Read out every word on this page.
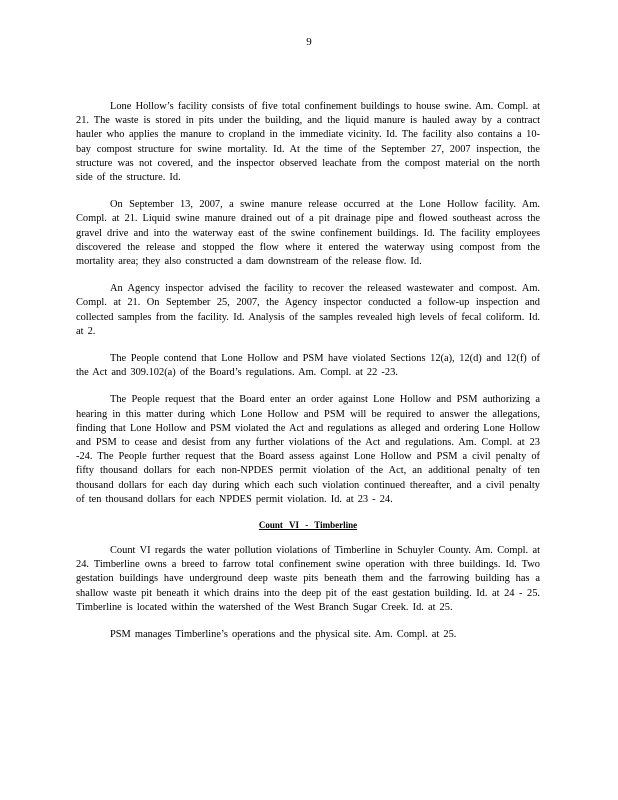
9

Lone Hollow’s facility consists of five total confinement buildings to house swine. Am. Compl. at 21. The waste is stored in pits under the building, and the liquid manure is hauled away by a contract hauler who applies the manure to cropland in the immediate vicinity. Id. The facility also contains a 10-bay compost structure for swine mortality. Id. At the time of the September 27, 2007 inspection, the structure was not covered, and the inspector observed leachate from the compost material on the north side of the structure. Id.

On September 13, 2007, a swine manure release occurred at the Lone Hollow facility. Am. Compl. at 21. Liquid swine manure drained out of a pit drainage pipe and flowed southeast across the gravel drive and into the waterway east of the swine confinement buildings. Id. The facility employees discovered the release and stopped the flow where it entered the waterway using compost from the mortality area; they also constructed a dam downstream of the release flow. Id.

An Agency inspector advised the facility to recover the released wastewater and compost. Am. Compl. at 21. On September 25, 2007, the Agency inspector conducted a follow-up inspection and collected samples from the facility. Id. Analysis of the samples revealed high levels of fecal coliform. Id. at 2.

The People contend that Lone Hollow and PSM have violated Sections 12(a), 12(d) and 12(f) of the Act and 309.102(a) of the Board’s regulations. Am. Compl. at 22 -23.

The People request that the Board enter an order against Lone Hollow and PSM authorizing a hearing in this matter during which Lone Hollow and PSM will be required to answer the allegations, finding that Lone Hollow and PSM violated the Act and regulations as alleged and ordering Lone Hollow and PSM to cease and desist from any further violations of the Act and regulations. Am. Compl. at 23 -24. The People further request that the Board assess against Lone Hollow and PSM a civil penalty of fifty thousand dollars for each non-NPDES permit violation of the Act, an additional penalty of ten thousand dollars for each day during which each such violation continued thereafter, and a civil penalty of ten thousand dollars for each NPDES permit violation. Id. at 23 - 24.

Count VI - Timberline

Count VI regards the water pollution violations of Timberline in Schuyler County. Am. Compl. at 24. Timberline owns a breed to farrow total confinement swine operation with three buildings. Id. Two gestation buildings have underground deep waste pits beneath them and the farrowing building has a shallow waste pit beneath it which drains into the deep pit of the east gestation building. Id. at 24 - 25. Timberline is located within the watershed of the West Branch Sugar Creek. Id. at 25.

PSM manages Timberline’s operations and the physical site. Am. Compl. at 25.
